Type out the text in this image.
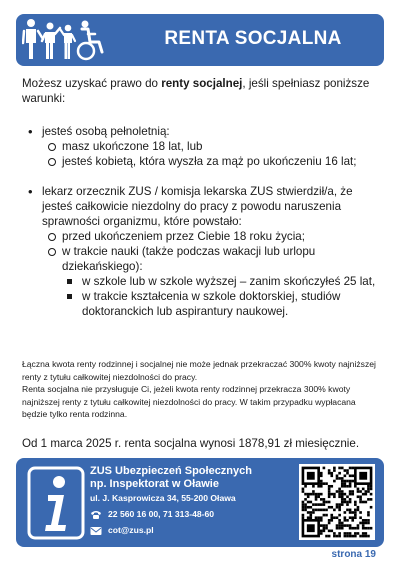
RENTA SOCJALNA

Możesz uzyskać prawo do renty socjalnej, jeśli spełniasz poniższe warunki:

• jesteś osobą pełnoletnią:
masz ukończone 18 lat, lub
jesteś kobietą, która wyszła za mąż po ukończeniu 16 lat;
• lekarz orzecznik ZUS / komisja lekarska ZUS stwierdził/a, że jesteś całkowicie niezdolny do pracy z powodu naruszenia sprawności organizmu, które powstało:
przed ukończeniem przez Ciebie 18 roku życia;
w trakcie nauki (także podczas wakacji lub urlopu dziekańskiego):
w szkole lub w szkole wyższej – zanim skończyłeś 25 lat,
w trakcie kształcenia w szkole doktorskiej, studiów doktoranckich lub aspirantury naukowej.

Łączna kwota renty rodzinnej i socjalnej nie może jednak przekraczać 300% kwoty najniższej renty z tytułu całkowitej niezdolności do pracy.

Renta socjalna nie przysługuje Ci, jeżeli kwota renty rodzinnej przekracza 300% kwoty najniższej renty z tytułu całkowitej niezdolności do pracy. W takim przypadku wypłacana będzie tylko renta rodzinna.

Od 1 marca 2025 r. renta socjalna wynosi 1878,91 zł miesięcznie.
ZUS Ubezpieczeń Społecznych
np. Inspektorat w Oławie
ul. J. Kasprowicza 34, 55-200 Oława
22 560 16 00, 71 313-48-60
cot@zus.pl
strona 19
